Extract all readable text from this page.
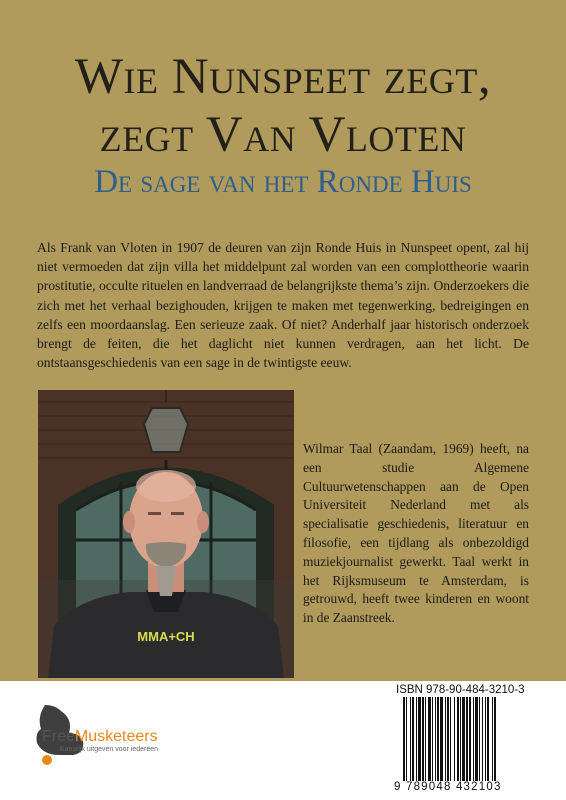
Wie Nunspeet zegt,
zegt Van Vloten
De sage van het Ronde Huis

Als Frank van Vloten in 1907 de deuren van zijn Ronde Huis in Nunspeet opent, zal hij niet vermoeden dat zijn villa het middelpunt zal worden van een complottheorie waarin prostitutie, occulte rituelen en landverraad de belangrijkste thema’s zijn. Onderzoekers die zich met het verhaal bezighouden, krijgen te maken met tegenwerking, bedreigingen en zelfs een moordaanslag. Een serieuze zaak. Of niet? Anderhalf jaar historisch onderzoek brengt de feiten, die het daglicht niet kunnen verdragen, aan het licht. De ontstaansgeschiedenis van een sage in de twintigste eeuw.

MMA+CH

Wilmar Taal (Zaandam, 1969) heeft, na een studie Algemene Cultuurwetenschappen aan de Open Universiteit Nederland met als specialisatie geschiedenis, literatuur en filosofie, een tijdlang als onbezoldigd muziekjournalist gewerkt. Taal werkt in het Rijksmuseum te Amsterdam, is getrouwd, heeft twee kinderen en woont in de Zaanstreek.

FreeMusketeers
Kansrijk uitgeven voor iedereen
ISBN 978-90-484-3210-3
9 789048 432103
